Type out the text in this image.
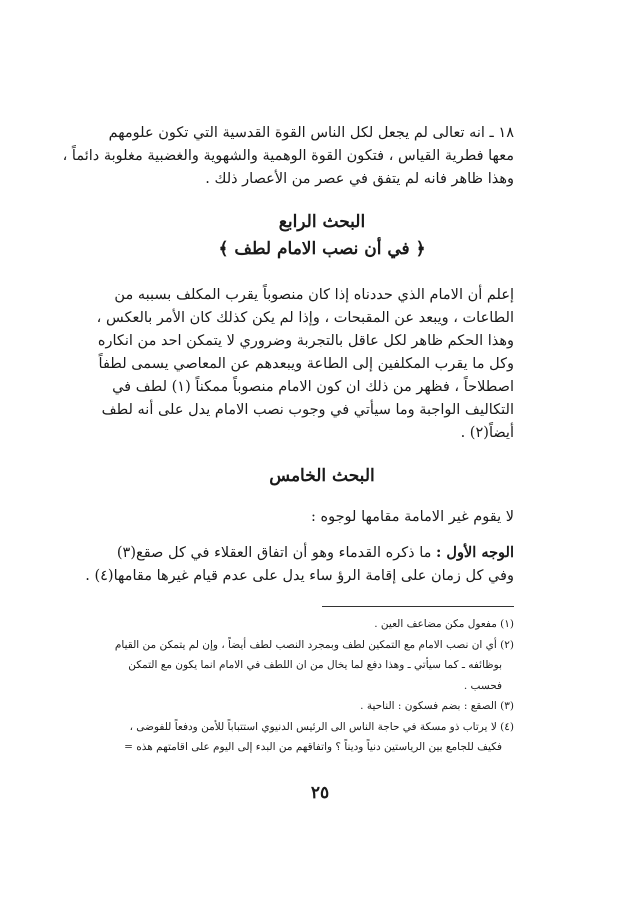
١٨ ـ انه تعالى لم يجعل لكل الناس القوة القدسية التي تكون علومهم
معها فطرية القياس ، فتكون القوة الوهمية والشهوية والغضبية مغلوبة دائماً ،
وهذا ظاهر فانه لم يتفق في عصر من الأعصار ذلك .
البحث الرابع
﴿ في أن نصب الامام لطف ﴾
إعلم أن الامام الذي حددناه إذا كان منصوباً يقرب المكلف بسببه من
الطاعات ، ويبعد عن المقبحات ، وإذا لم يكن كذلك كان الأمر بالعكس ،
وهذا الحكم ظاهر لكل عاقل بالتجربة وضروري لا يتمكن احد من انكاره
وكل ما يقرب المكلفين إلى الطاعة ويبعدهم عن المعاصي يسمى لطفاً
اصطلاحاً ، فظهر من ذلك ان كون الامام منصوباً ممكناً (١) لطف في
التكاليف الواجبة وما سيأتي في وجوب نصب الامام يدل على أنه لطف
أيضاً(٢) .
البحث الخامس
لا يقوم غير الامامة مقامها لوجوه :
الوجه الأول : ما ذكره القدماء وهو أن اتفاق العقلاء في كل صقع(٣)
وفي كل زمان على إقامة الرؤ ساء يدل على عدم قيام غيرها مقامها(٤) .
(١) مفعول مكن مضاعف العين .
(٢) أي ان نصب الامام مع التمكين لطف وبمجرد النصب لطف أيضاً ، وإن لم يتمكن من القيام
بوظائفه ـ كما سيأتي ـ وهذا دفع لما يخال من ان اللطف في الامام انما يكون مع التمكن
فحسب .
(٣) الصقع : بضم فسكون : الناحية .
(٤) لا يرتاب ذو مسكة في حاجة الناس الى الرئيس الدنيوي استتباباً للأمن ودفعاً للفوضى ،
فكيف للجامع بين الرياستين دنياً وديناً ؟ واتفاقهم من البدء إلى اليوم على اقامتهم هذه =
٢٥
